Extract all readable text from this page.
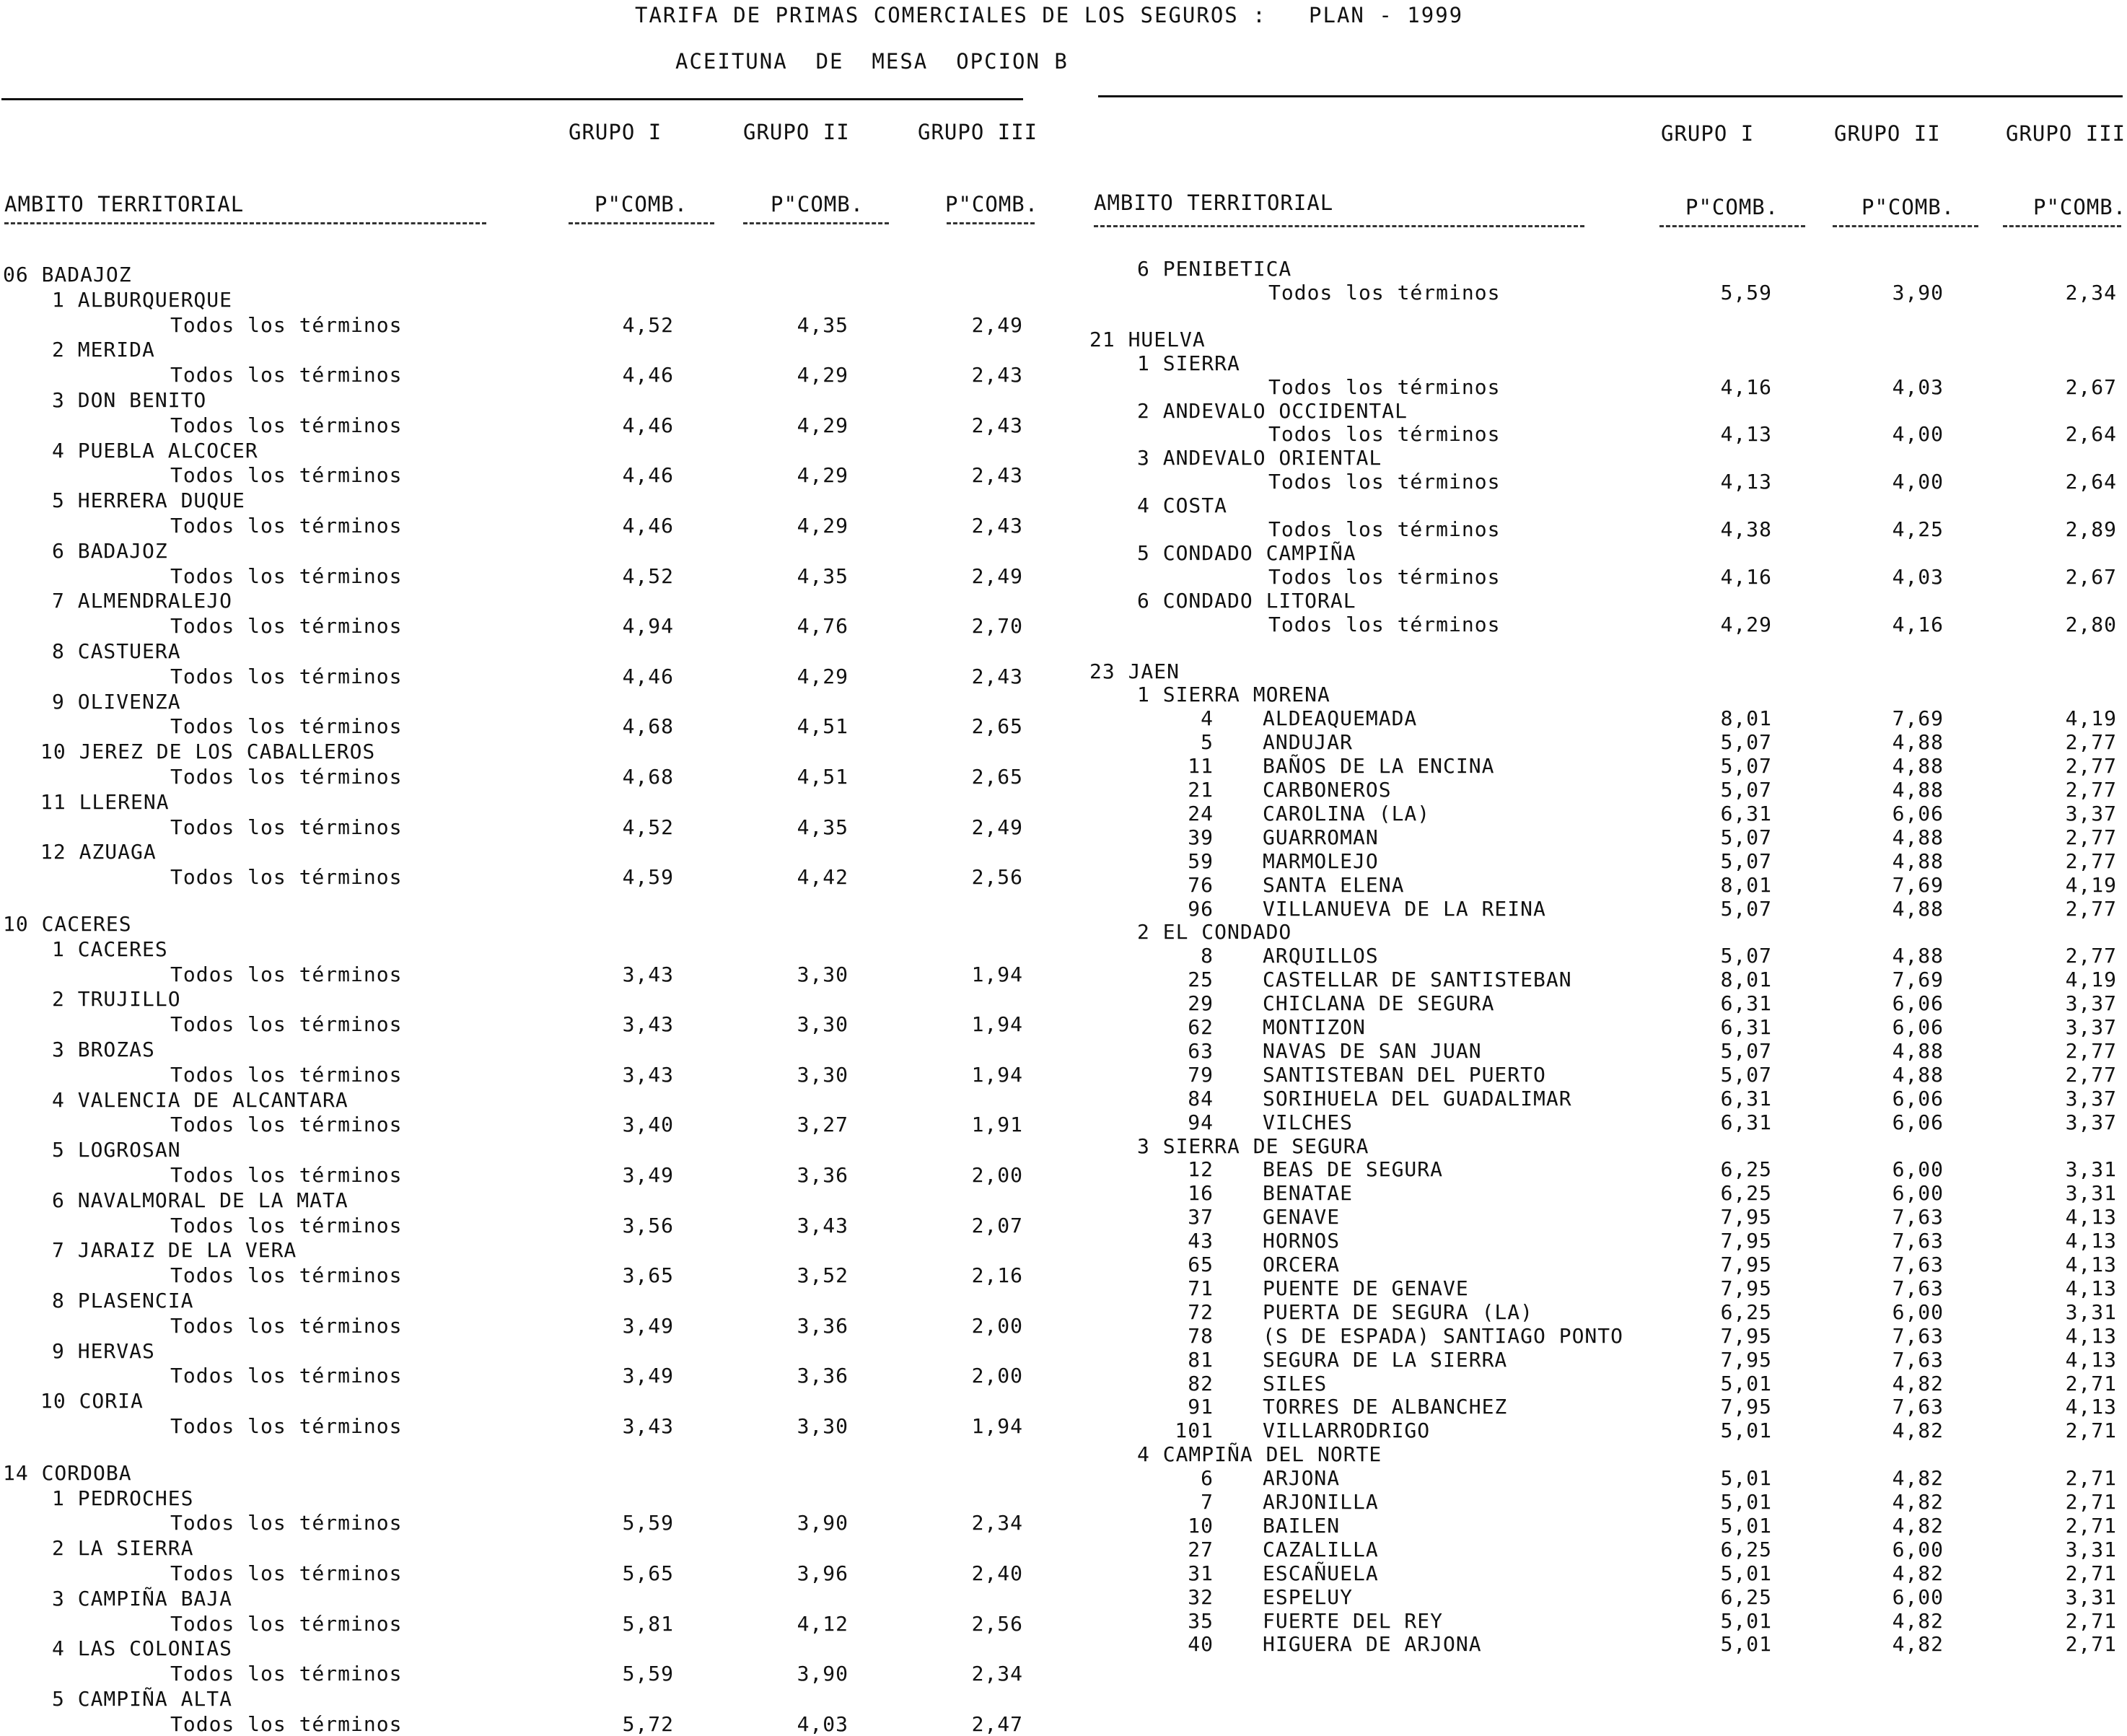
TARIFA DE PRIMAS COMERCIALES DE LOS SEGUROS :   PLAN - 1999
ACEITUNA  DE  MESA  OPCION B
GRUPO I	GRUPO II	GRUPO III
AMBITO TERRITORIAL	P"COMB.	P"COMB.	P"COMB.
06 BADAJOZ
1 ALBURQUERQUE
Todos los términos	4,52	4,35	2,49
2 MERIDA
Todos los términos	4,46	4,29	2,43
3 DON BENITO
Todos los términos	4,46	4,29	2,43
4 PUEBLA ALCOCER
Todos los términos	4,46	4,29	2,43
5 HERRERA DUQUE
Todos los términos	4,46	4,29	2,43
6 BADAJOZ
Todos los términos	4,52	4,35	2,49
7 ALMENDRALEJO
Todos los términos	4,94	4,76	2,70
8 CASTUERA
Todos los términos	4,46	4,29	2,43
9 OLIVENZA
Todos los términos	4,68	4,51	2,65
10 JEREZ DE LOS CABALLEROS
Todos los términos	4,68	4,51	2,65
11 LLERENA
Todos los términos	4,52	4,35	2,49
12 AZUAGA
Todos los términos	4,59	4,42	2,56
10 CACERES
1 CACERES
Todos los términos	3,43	3,30	1,94
2 TRUJILLO
Todos los términos	3,43	3,30	1,94
3 BROZAS
Todos los términos	3,43	3,30	1,94
4 VALENCIA DE ALCANTARA
Todos los términos	3,40	3,27	1,91
5 LOGROSAN
Todos los términos	3,49	3,36	2,00
6 NAVALMORAL DE LA MATA
Todos los términos	3,56	3,43	2,07
7 JARAIZ DE LA VERA
Todos los términos	3,65	3,52	2,16
8 PLASENCIA
Todos los términos	3,49	3,36	2,00
9 HERVAS
Todos los términos	3,49	3,36	2,00
10 CORIA
Todos los términos	3,43	3,30	1,94
14 CORDOBA
1 PEDROCHES
Todos los términos	5,59	3,90	2,34
2 LA SIERRA
Todos los términos	5,65	3,96	2,40
3 CAMPIÑA BAJA
Todos los términos	5,81	4,12	2,56
4 LAS COLONIAS
Todos los términos	5,59	3,90	2,34
5 CAMPIÑA ALTA
Todos los términos	5,72	4,03	2,47
GRUPO I	GRUPO II	GRUPO III
AMBITO TERRITORIAL	P"COMB.	P"COMB.	P"COMB.
6 PENIBETICA
Todos los términos	5,59	3,90	2,34
21 HUELVA
1 SIERRA
Todos los términos	4,16	4,03	2,67
2 ANDEVALO OCCIDENTAL
Todos los términos	4,13	4,00	2,64
3 ANDEVALO ORIENTAL
Todos los términos	4,13	4,00	2,64
4 COSTA
Todos los términos	4,38	4,25	2,89
5 CONDADO CAMPIÑA
Todos los términos	4,16	4,03	2,67
6 CONDADO LITORAL
Todos los términos	4,29	4,16	2,80
23 JAEN
1 SIERRA MORENA
4 ALDEAQUEMADA	8,01	7,69	4,19
5 ANDUJAR	5,07	4,88	2,77
11 BAÑOS DE LA ENCINA	5,07	4,88	2,77
21 CARBONEROS	5,07	4,88	2,77
24 CAROLINA (LA)	6,31	6,06	3,37
39 GUARROMAN	5,07	4,88	2,77
59 MARMOLEJO	5,07	4,88	2,77
76 SANTA ELENA	8,01	7,69	4,19
96 VILLANUEVA DE LA REINA	5,07	4,88	2,77
2 EL CONDADO
8 ARQUILLOS	5,07	4,88	2,77
25 CASTELLAR DE SANTISTEBAN	8,01	7,69	4,19
29 CHICLANA DE SEGURA	6,31	6,06	3,37
62 MONTIZON	6,31	6,06	3,37
63 NAVAS DE SAN JUAN	5,07	4,88	2,77
79 SANTISTEBAN DEL PUERTO	5,07	4,88	2,77
84 SORIHUELA DEL GUADALIMAR	6,31	6,06	3,37
94 VILCHES	6,31	6,06	3,37
3 SIERRA DE SEGURA
12 BEAS DE SEGURA	6,25	6,00	3,31
16 BENATAE	6,25	6,00	3,31
37 GENAVE	7,95	7,63	4,13
43 HORNOS	7,95	7,63	4,13
65 ORCERA	7,95	7,63	4,13
71 PUENTE DE GENAVE	7,95	7,63	4,13
72 PUERTA DE SEGURA (LA)	6,25	6,00	3,31
78 (S DE ESPADA) SANTIAGO PONTO	7,95	7,63	4,13
81 SEGURA DE LA SIERRA	7,95	7,63	4,13
82 SILES	5,01	4,82	2,71
91 TORRES DE ALBANCHEZ	7,95	7,63	4,13
101 VILLARRODRIGO	5,01	4,82	2,71
4 CAMPIÑA DEL NORTE
6 ARJONA	5,01	4,82	2,71
7 ARJONILLA	5,01	4,82	2,71
10 BAILEN	5,01	4,82	2,71
27 CAZALILLA	6,25	6,00	3,31
31 ESCAÑUELA	5,01	4,82	2,71
32 ESPELUY	6,25	6,00	3,31
35 FUERTE DEL REY	5,01	4,82	2,71
40 HIGUERA DE ARJONA	5,01	4,82	2,71
